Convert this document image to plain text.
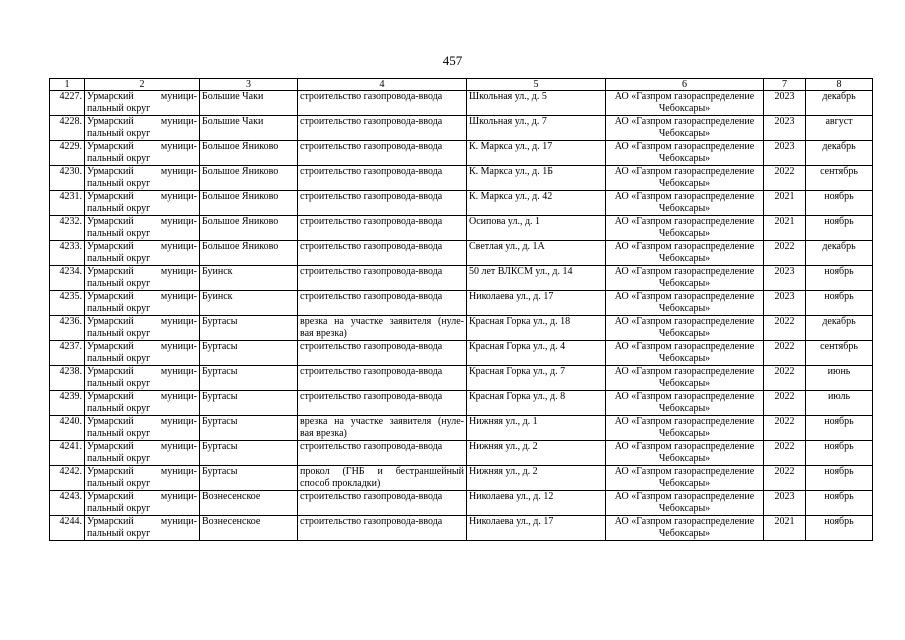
457
1	2	3	4	5	6	7	8
4227.	Урмарский муници-
пальный округ	Большие Чаки	строительство газопровода-ввода	Школьная ул., д. 5	АО «Газпром газораспределение
Чебоксары»	2023	декабрь
4228.	Урмарский муници-
пальный округ	Большие Чаки	строительство газопровода-ввода	Школьная ул., д. 7	АО «Газпром газораспределение
Чебоксары»	2023	август
4229.	Урмарский муници-
пальный округ	Большое Яниково	строительство газопровода-ввода	К. Маркса ул., д. 17	АО «Газпром газораспределение
Чебоксары»	2023	декабрь
4230.	Урмарский муници-
пальный округ	Большое Яниково	строительство газопровода-ввода	К. Маркса ул., д. 1Б	АО «Газпром газораспределение
Чебоксары»	2022	сентябрь
4231.	Урмарский муници-
пальный округ	Большое Яниково	строительство газопровода-ввода	К. Маркса ул., д. 42	АО «Газпром газораспределение
Чебоксары»	2021	ноябрь
4232.	Урмарский муници-
пальный округ	Большое Яниково	строительство газопровода-ввода	Осипова ул., д. 1	АО «Газпром газораспределение
Чебоксары»	2021	ноябрь
4233.	Урмарский муници-
пальный округ	Большое Яниково	строительство газопровода-ввода	Светлая ул., д. 1А	АО «Газпром газораспределение
Чебоксары»	2022	декабрь
4234.	Урмарский муници-
пальный округ	Буинск	строительство газопровода-ввода	50 лет ВЛКСМ ул., д. 14	АО «Газпром газораспределение
Чебоксары»	2023	ноябрь
4235.	Урмарский муници-
пальный округ	Буинск	строительство газопровода-ввода	Николаева ул., д. 17	АО «Газпром газораспределение
Чебоксары»	2023	ноябрь
4236.	Урмарский муници-
пальный округ	Буртасы	врезка на участке заявителя (нуле-
вая врезка)	Красная Горка ул., д. 18	АО «Газпром газораспределение
Чебоксары»	2022	декабрь
4237.	Урмарский муници-
пальный округ	Буртасы	строительство газопровода-ввода	Красная Горка ул., д. 4	АО «Газпром газораспределение
Чебоксары»	2022	сентябрь
4238.	Урмарский муници-
пальный округ	Буртасы	строительство газопровода-ввода	Красная Горка ул., д. 7	АО «Газпром газораспределение
Чебоксары»	2022	июнь
4239.	Урмарский муници-
пальный округ	Буртасы	строительство газопровода-ввода	Красная Горка ул., д. 8	АО «Газпром газораспределение
Чебоксары»	2022	июль
4240.	Урмарский муници-
пальный округ	Буртасы	врезка на участке заявителя (нуле-
вая врезка)	Нижняя ул., д. 1	АО «Газпром газораспределение
Чебоксары»	2022	ноябрь
4241.	Урмарский муници-
пальный округ	Буртасы	строительство газопровода-ввода	Нижняя ул., д. 2	АО «Газпром газораспределение
Чебоксары»	2022	ноябрь
4242.	Урмарский муници-
пальный округ	Буртасы	прокол (ГНБ и бестраншейный
способ прокладки)	Нижняя ул., д. 2	АО «Газпром газораспределение
Чебоксары»	2022	ноябрь
4243.	Урмарский муници-
пальный округ	Вознесенское	строительство газопровода-ввода	Николаева ул., д. 12	АО «Газпром газораспределение
Чебоксары»	2023	ноябрь
4244.	Урмарский муници-
пальный округ	Вознесенское	строительство газопровода-ввода	Николаева ул., д. 17	АО «Газпром газораспределение
Чебоксары»	2021	ноябрь
